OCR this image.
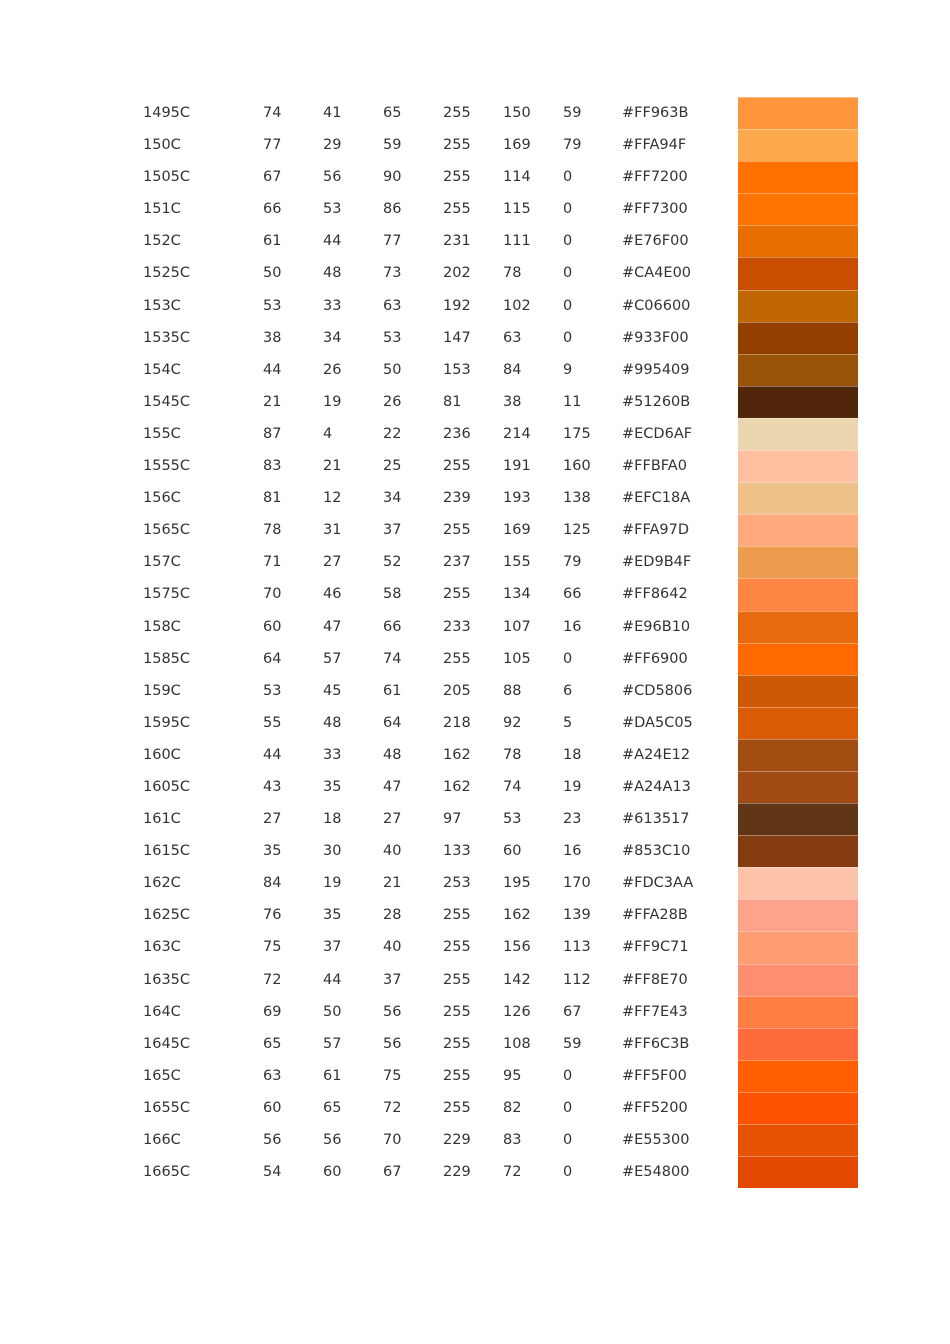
1495C	74	41	65	255 150 59	#FF963B
150C	77	29	59	255 169 79	#FFA94F
1505C	67	56	90	255 114 0	#FF7200
151C	66	53	86	255 115 0	#FF7300
152C	61	44	77	231 111 0	#E76F00
1525C	50	48	73	202 78	0	#CA4E00
153C	53	33	63	192 102 0	#C06600
1535C	38	34	53	147 63	0	#933F00
154C	44	26	50	153 84	9	#995409
1545C	21	19	26	81	38	11	#51260B
155C	87	4	22	236 214 175 #ECD6AF
1555C	83	21	25	255 191 160 #FFBFA0
156C	81	12	34	239 193 138 #EFC18A
1565C	78	31	37	255 169 125 #FFA97D
157C	71	27	52	237 155 79	#ED9B4F
1575C	70	46	58	255 134 66	#FF8642
158C	60	47	66	233 107 16	#E96B10
1585C	64	57	74	255 105 0	#FF6900
159C	53	45	61	205 88	6	#CD5806
1595C	55	48	64	218 92	5	#DA5C05
160C	44	33	48	162 78	18	#A24E12
1605C	43	35	47	162 74	19	#A24A13
161C	27	18	27	97	53	23	#613517
1615C	35	30	40	133 60	16	#853C10
162C	84	19	21	253 195 170 #FDC3AA
1625C	76	35	28	255 162 139 #FFA28B
163C	75	37	40	255 156 113 #FF9C71
1635C	72	44	37	255 142 112 #FF8E70
164C	69	50	56	255 126 67	#FF7E43
1645C	65	57	56	255 108 59	#FF6C3B
165C	63	61	75	255 95	0	#FF5F00
1655C	60	65	72	255 82	0	#FF5200
166C	56	56	70	229 83	0	#E55300
1665C	54	60	67	229 72	0	#E54800
